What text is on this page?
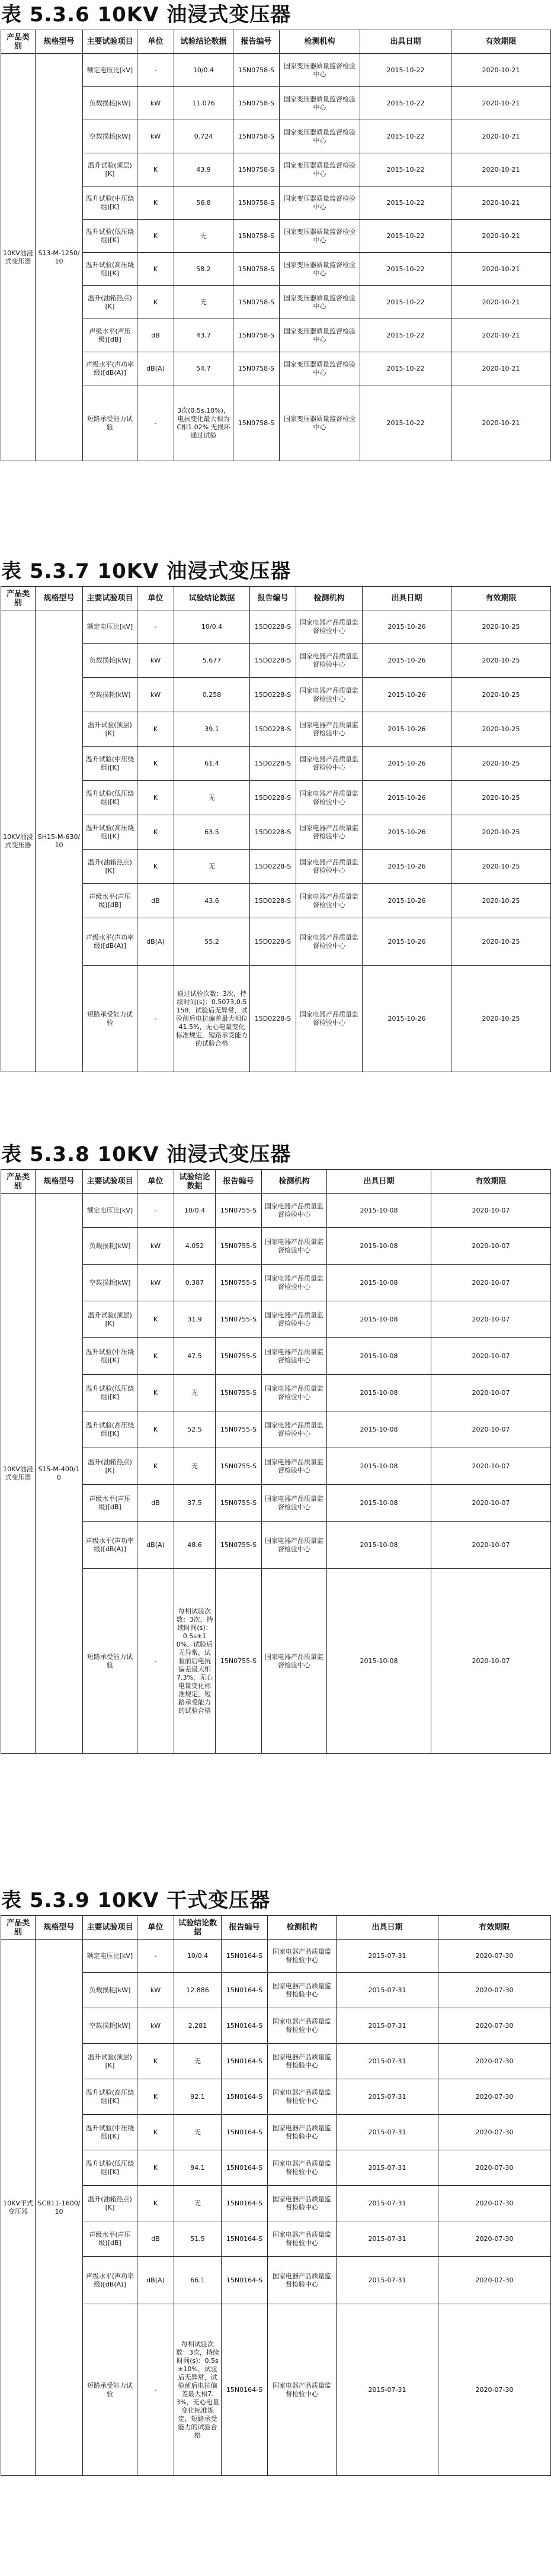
表 5.3.6 10KV 油浸式变压器
产品类别	规格型号	主要试验项目	单位	试验结论数据	报告编号	检测机构	出具日期	有效期限
10KV油浸式变压器	S13-M-1250/10	额定电压比[kV]	-	10/0.4	15N0758-S	国家变压器质量监督检验中心	2015-10-22	2020-10-21
		负载损耗[kW]	kW	11.076	15N0758-S	国家变压器质量监督检验中心	2015-10-22	2020-10-21
		空载损耗[kW]	kW	0.724	15N0758-S	国家变压器质量监督检验中心	2015-10-22	2020-10-21
		温升试验(顶层)[K]	K	43.9	15N0758-S	国家变压器质量监督检验中心	2015-10-22	2020-10-21
		温升试验(中压绕组)[K]	K	56.8	15N0758-S	国家变压器质量监督检验中心	2015-10-22	2020-10-21
		温升试验(低压绕组)[K]	K	无	15N0758-S	国家变压器质量监督检验中心	2015-10-22	2020-10-21
		温升试验(高压绕组)[K]	K	58.2	15N0758-S	国家变压器质量监督检验中心	2015-10-22	2020-10-21
		温升(油箱热点)[K]	K	无	15N0758-S	国家变压器质量监督检验中心	2015-10-22	2020-10-21
		声级水平(声压级)[dB]	dB	43.7	15N0758-S	国家变压器质量监督检验中心	2015-10-22	2020-10-21
		声级水平(声功率级)[dB(A)]	dB(A)	54.7	15N0758-S	国家变压器质量监督检验中心	2015-10-22	2020-10-21
		短路承受能力试验	-	3次(0.5s,10%)，电抗变化最大相为C相1.02% 无损坏 通过试验	15N0758-S	国家变压器质量监督检验中心	2015-10-22	2020-10-21
表 5.3.7 10KV 油浸式变压器
产品类别	规格型号	主要试验项目	单位	试验结论数据	报告编号	检测机构	出具日期	有效期限
10KV油浸式变压器	SH15-M-630/10	额定电压比[kV]	-	10/0.4	15D0228-S	国家电器产品质量监督检验中心	2015-10-26	2020-10-25
		负载损耗[kW]	kW	5.677	15D0228-S	国家电器产品质量监督检验中心	2015-10-26	2020-10-25
		空载损耗[kW]	kW	0.258	15D0228-S	国家电器产品质量监督检验中心	2015-10-26	2020-10-25
		温升试验(顶层)[K]	K	39.1	15D0228-S	国家电器产品质量监督检验中心	2015-10-26	2020-10-25
		温升试验(中压绕组)[K]	K	61.4	15D0228-S	国家电器产品质量监督检验中心	2015-10-26	2020-10-25
		温升试验(低压绕组)[K]	K	无	15D0228-S	国家电器产品质量监督检验中心	2015-10-26	2020-10-25
		温升试验(高压绕组)[K]	K	63.5	15D0228-S	国家电器产品质量监督检验中心	2015-10-26	2020-10-25
		温升(油箱热点)[K]	K	无	15D0228-S	国家电器产品质量监督检验中心	2015-10-26	2020-10-25
		声级水平(声压级)[dB]	dB	43.6	15D0228-S	国家电器产品质量监督检验中心	2015-10-26	2020-10-25
		声级水平(声功率级)[dB(A)]	dB(A)	55.2	15D0228-S	国家电器产品质量监督检验中心	2015-10-26	2020-10-25
		短路承受能力试验	-	通过试验次数：3次，持续时间(s)：0.5073,0.5158，试验后无异常，试验前后电抗偏差最大相位41.5%，无心电量变化标准规定，短路承受能力的试验合格	15D0228-S	国家电器产品质量监督检验中心	2015-10-26	2020-10-25
表 5.3.8 10KV 油浸式变压器
产品类别	规格型号	主要试验项目	单位	试验结论数据	报告编号	检测机构	出具日期	有效期限
10KV油浸式变压器	S15-M-400/10	额定电压比[kV]	-	10/0.4	15N0755-S	国家电器产品质量监督检验中心	2015-10-08	2020-10-07
		负载损耗[kW]	kW	4.052	15N0755-S	国家电器产品质量监督检验中心	2015-10-08	2020-10-07
		空载损耗[kW]	kW	0.387	15N0755-S	国家电器产品质量监督检验中心	2015-10-08	2020-10-07
		温升试验(顶层)[K]	K	31.9	15N0755-S	国家电器产品质量监督检验中心	2015-10-08	2020-10-07
		温升试验(中压绕组)[K]	K	47.5	15N0755-S	国家电器产品质量监督检验中心	2015-10-08	2020-10-07
		温升试验(低压绕组)[K]	K	无	15N0755-S	国家电器产品质量监督检验中心	2015-10-08	2020-10-07
		温升试验(高压绕组)[K]	K	52.5	15N0755-S	国家电器产品质量监督检验中心	2015-10-08	2020-10-07
		温升(油箱热点)[K]	K	无	15N0755-S	国家电器产品质量监督检验中心	2015-10-08	2020-10-07
		声级水平(声压级)[dB]	dB	37.5	15N0755-S	国家电器产品质量监督检验中心	2015-10-08	2020-10-07
		声级水平(声功率级)[dB(A)]	dB(A)	48.6	15N0755-S	国家电器产品质量监督检验中心	2015-10-08	2020-10-07
		短路承受能力试验	-	每相试验次数：3次，持续时间(s)：0.5s±10%，试验后无异常，试验前后电抗偏差最大相7.3%，无心电量变化标准规定，短路承受能力的试验合格	15N0755-S	国家电器产品质量监督检验中心	2015-10-08	2020-10-07
表 5.3.9 10KV 干式变压器
产品类别	规格型号	主要试验项目	单位	试验结论数据	报告编号	检测机构	出具日期	有效期限
10KV干式变压器	SCB11-1600/10	额定电压比[kV]	-	10/0.4	15N0164-S	国家电器产品质量监督检验中心	2015-07-31	2020-07-30
		负载损耗[kW]	kW	12.886	15N0164-S	国家电器产品质量监督检验中心	2015-07-31	2020-07-30
		空载损耗[kW]	kW	2.281	15N0164-S	国家电器产品质量监督检验中心	2015-07-31	2020-07-30
		温升试验(顶层)[K]	K	无	15N0164-S	国家电器产品质量监督检验中心	2015-07-31	2020-07-30
		温升试验(高压绕组)[K]	K	92.1	15N0164-S	国家电器产品质量监督检验中心	2015-07-31	2020-07-30
		温升试验(中压绕组)[K]	K	无	15N0164-S	国家电器产品质量监督检验中心	2015-07-31	2020-07-30
		温升试验(低压绕组)[K]	K	94.1	15N0164-S	国家电器产品质量监督检验中心	2015-07-31	2020-07-30
		温升(油箱热点)[K]	K	无	15N0164-S	国家电器产品质量监督检验中心	2015-07-31	2020-07-30
		声级水平(声压级)[dB]	dB	51.5	15N0164-S	国家电器产品质量监督检验中心	2015-07-31	2020-07-30
		声级水平(声功率级)[dB(A)]	dB(A)	66.1	15N0164-S	国家电器产品质量监督检验中心	2015-07-31	2020-07-30
		短路承受能力试验	-	每相试验次数：3次，持续时间(s)：0.5s±10%，试验后无异常，试验前后电抗偏差最大相7.3%，无心电量变化标准规定，短路承受能力的试验合格	15N0164-S	国家电器产品质量监督检验中心	2015-07-31	2020-07-30
